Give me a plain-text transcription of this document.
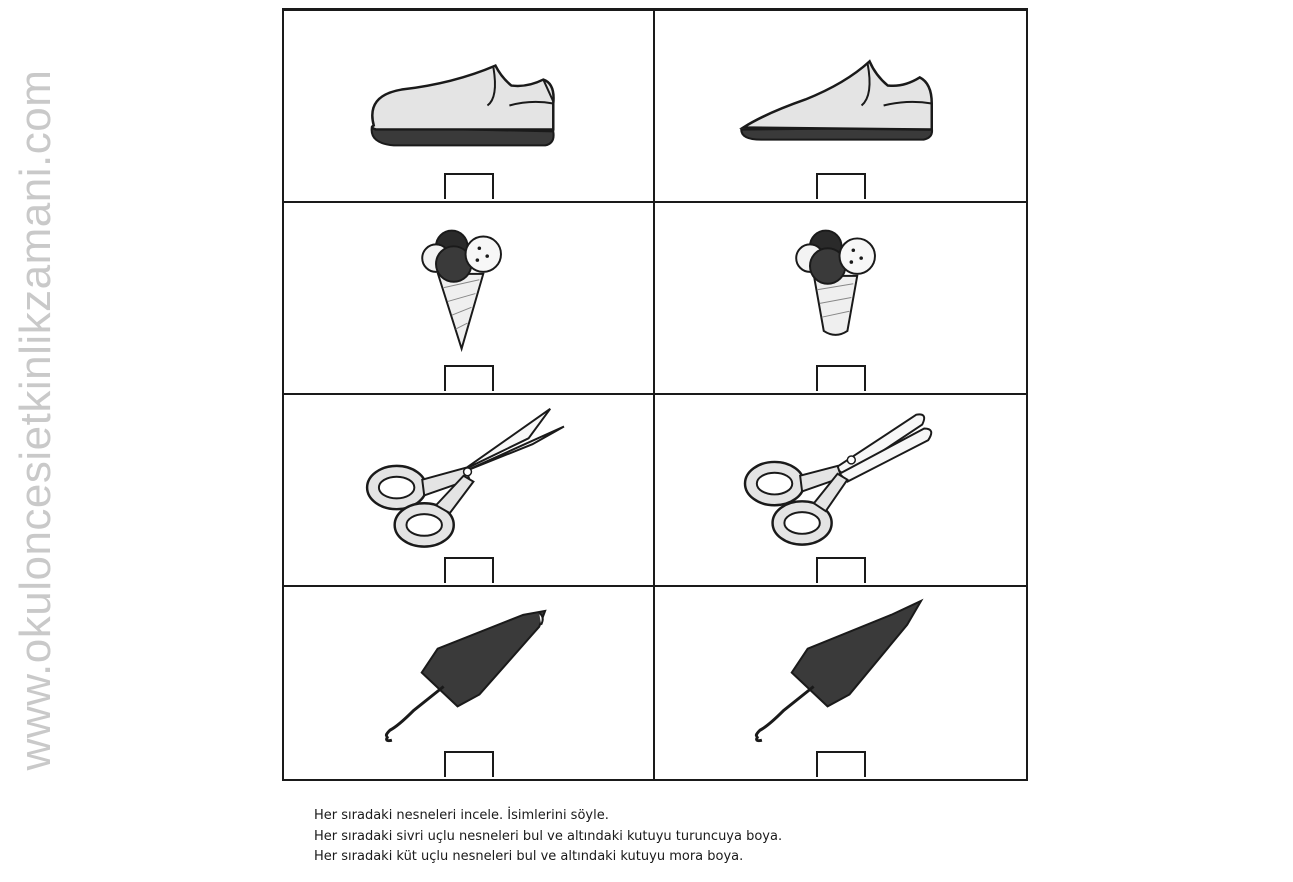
www.okuloncesietkinlikzamani.com
Her sıradaki nesneleri incele. İsimlerini söyle.
Her sıradaki sivri uçlu nesneleri bul ve altındaki kutuyu turuncuya boya.
Her sıradaki küt uçlu nesneleri bul ve altındaki kutuyu mora boya.
